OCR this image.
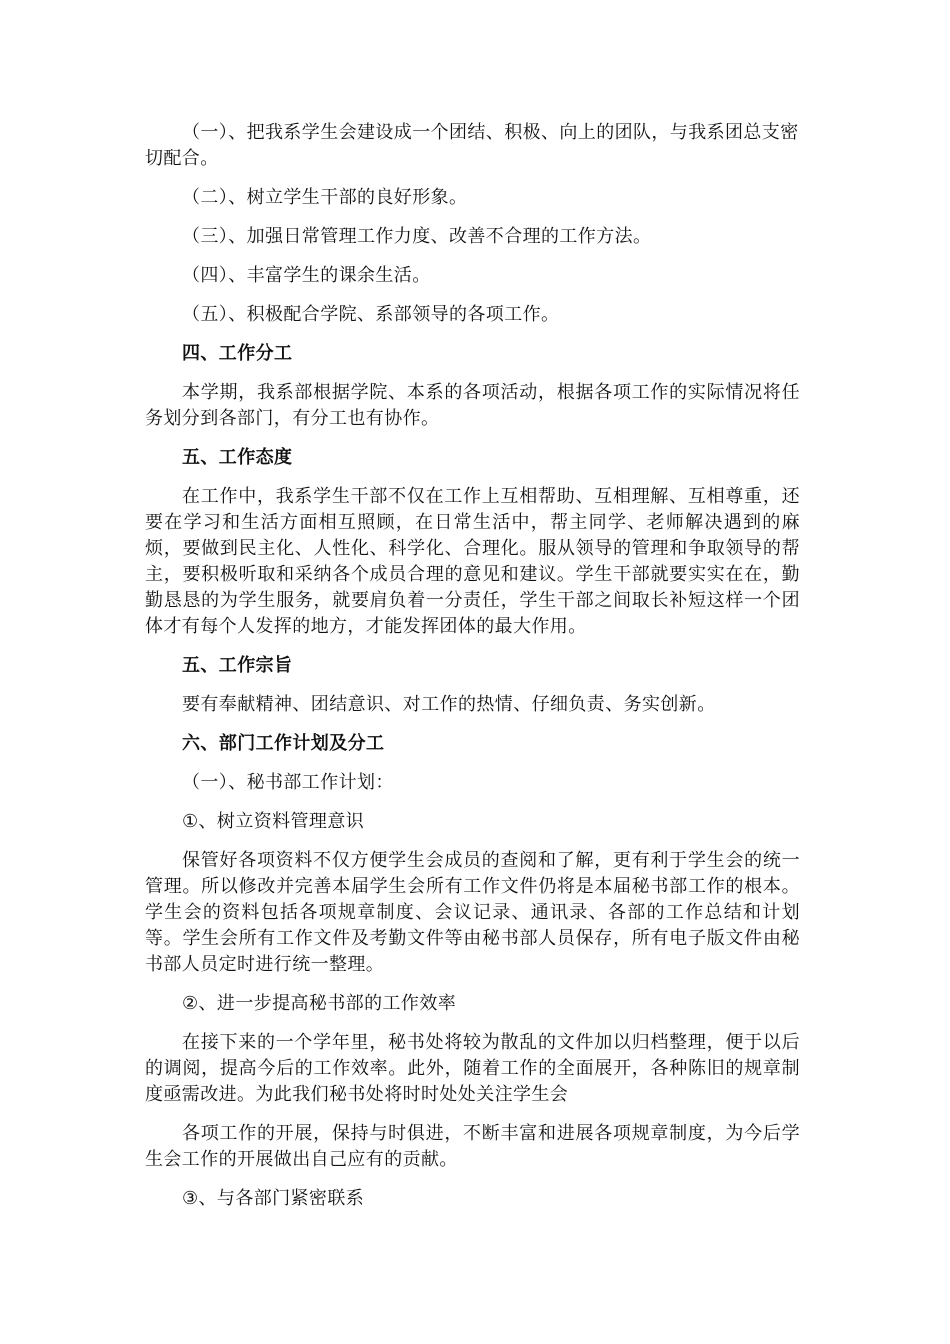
（一）、把我系学生会建设成一个团结、积极、向上的团队，与我系团总支密切配合。

（二）、树立学生干部的良好形象。

（三）、加强日常管理工作力度、改善不合理的工作方法。

（四）、丰富学生的课余生活。

（五）、积极配合学院、系部领导的各项工作。

四、工作分工

本学期，我系部根据学院、本系的各项活动，根据各项工作的实际情况将任务划分到各部门，有分工也有协作。

五、工作态度

在工作中，我系学生干部不仅在工作上互相帮助、互相理解、互相尊重，还要在学习和生活方面相互照顾，在日常生活中，帮主同学、老师解决遇到的麻烦，要做到民主化、人性化、科学化、合理化。服从领导的管理和争取领导的帮主，要积极听取和采纳各个成员合理的意见和建议。学生干部就要实实在在，勤勤恳恳的为学生服务，就要肩负着一分责任，学生干部之间取长补短这样一个团体才有每个人发挥的地方，才能发挥团体的最大作用。

五、工作宗旨

要有奉献精神、团结意识、对工作的热情、仔细负责、务实创新。

六、部门工作计划及分工

（一）、秘书部工作计划：

①、树立资料管理意识

保管好各项资料不仅方便学生会成员的查阅和了解，更有利于学生会的统一管理。所以修改并完善本届学生会所有工作文件仍将是本届秘书部工作的根本。学生会的资料包括各项规章制度、会议记录、通讯录、各部的工作总结和计划等。学生会所有工作文件及考勤文件等由秘书部人员保存，所有电子版文件由秘书部人员定时进行统一整理。

②、进一步提高秘书部的工作效率

在接下来的一个学年里，秘书处将较为散乱的文件加以归档整理，便于以后的调阅，提高今后的工作效率。此外，随着工作的全面展开，各种陈旧的规章制度亟需改进。为此我们秘书处将时时处处关注学生会

各项工作的开展，保持与时俱进，不断丰富和进展各项规章制度，为今后学生会工作的开展做出自己应有的贡献。

③、与各部门紧密联系
